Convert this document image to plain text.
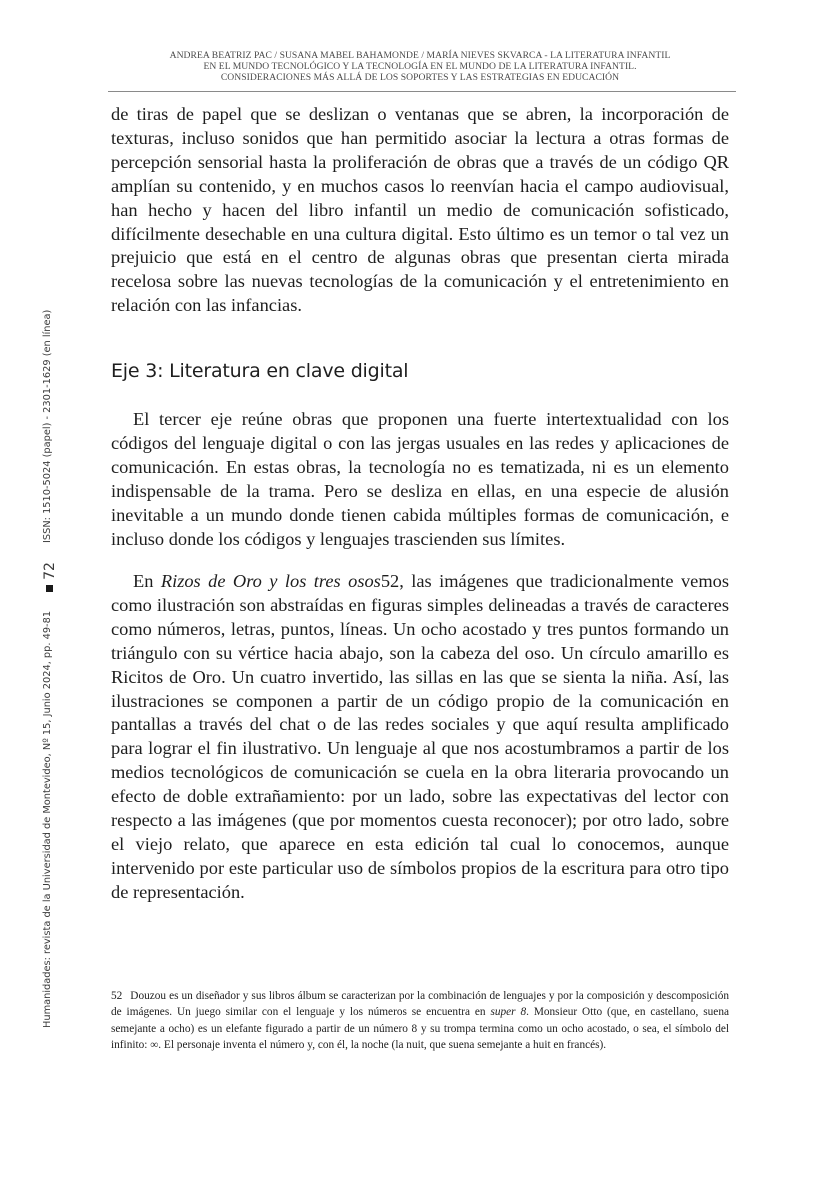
ANDREA BEATRIZ PAC / SUSANA MABEL BAHAMONDE / MARÍA NIEVES SKVARCA - LA LITERATURA INFANTIL
EN EL MUNDO TECNOLÓGICO Y LA TECNOLOGÍA EN EL MUNDO DE LA LITERATURA INFANTIL.
CONSIDERACIONES MÁS ALLÁ DE LOS SOPORTES Y LAS ESTRATEGIAS EN EDUCACIÓN
ISSN: 1510-5024 (papel) - 2301-1629 (en línea)
72
Humanidades: revista de la Universidad de Montevideo, Nº 15, Junio 2024, pp. 49-81

de tiras de papel que se deslizan o ventanas que se abren, la incorporación de texturas, incluso sonidos que han permitido asociar la lectura a otras formas de percepción sensorial hasta la proliferación de obras que a través de un código QR amplían su contenido, y en muchos casos lo reenvían hacia el campo audiovisual, han hecho y hacen del libro infantil un medio de comunicación sofisticado, difícilmente desechable en una cultura digital. Esto último es un temor o tal vez un prejuicio que está en el centro de algunas obras que presentan cierta mirada recelosa sobre las nuevas tecnologías de la comunicación y el entretenimiento en relación con las infancias.

Eje 3: Literatura en clave digital

El tercer eje reúne obras que proponen una fuerte intertextualidad con los códigos del lenguaje digital o con las jergas usuales en las redes y aplicaciones de comunicación. En estas obras, la tecnología no es tematizada, ni es un elemento indispensable de la trama. Pero se desliza en ellas, en una especie de alusión inevitable a un mundo donde tienen cabida múltiples formas de comunicación, e incluso donde los códigos y lenguajes trascienden sus límites.

En Rizos de Oro y los tres osos52, las imágenes que tradicionalmente vemos como ilustración son abstraídas en figuras simples delineadas a través de caracteres como números, letras, puntos, líneas. Un ocho acostado y tres puntos formando un triángulo con su vértice hacia abajo, son la cabeza del oso. Un círculo amarillo es Ricitos de Oro. Un cuatro invertido, las sillas en las que se sienta la niña. Así, las ilustraciones se componen a partir de un código propio de la comunicación en pantallas a través del chat o de las redes sociales y que aquí resulta amplificado para lograr el fin ilustrativo. Un lenguaje al que nos acostumbramos a partir de los medios tecnológicos de comunicación se cuela en la obra literaria provocando un efecto de doble extrañamiento: por un lado, sobre las expectativas del lector con respecto a las imágenes (que por momentos cuesta reconocer); por otro lado, sobre el viejo relato, que aparece en esta edición tal cual lo conocemos, aunque intervenido por este particular uso de símbolos propios de la escritura para otro tipo de representación.

52 Douzou es un diseñador y sus libros álbum se caracterizan por la combinación de lenguajes y por la composición y descomposición de imágenes. Un juego similar con el lenguaje y los números se encuentra en super 8. Monsieur Otto (que, en castellano, suena semejante a ocho) es un elefante figurado a partir de un número 8 y su trompa termina como un ocho acostado, o sea, el símbolo del infinito: ∞. El personaje inventa el número y, con él, la noche (la nuit, que suena semejante a huit en francés).
